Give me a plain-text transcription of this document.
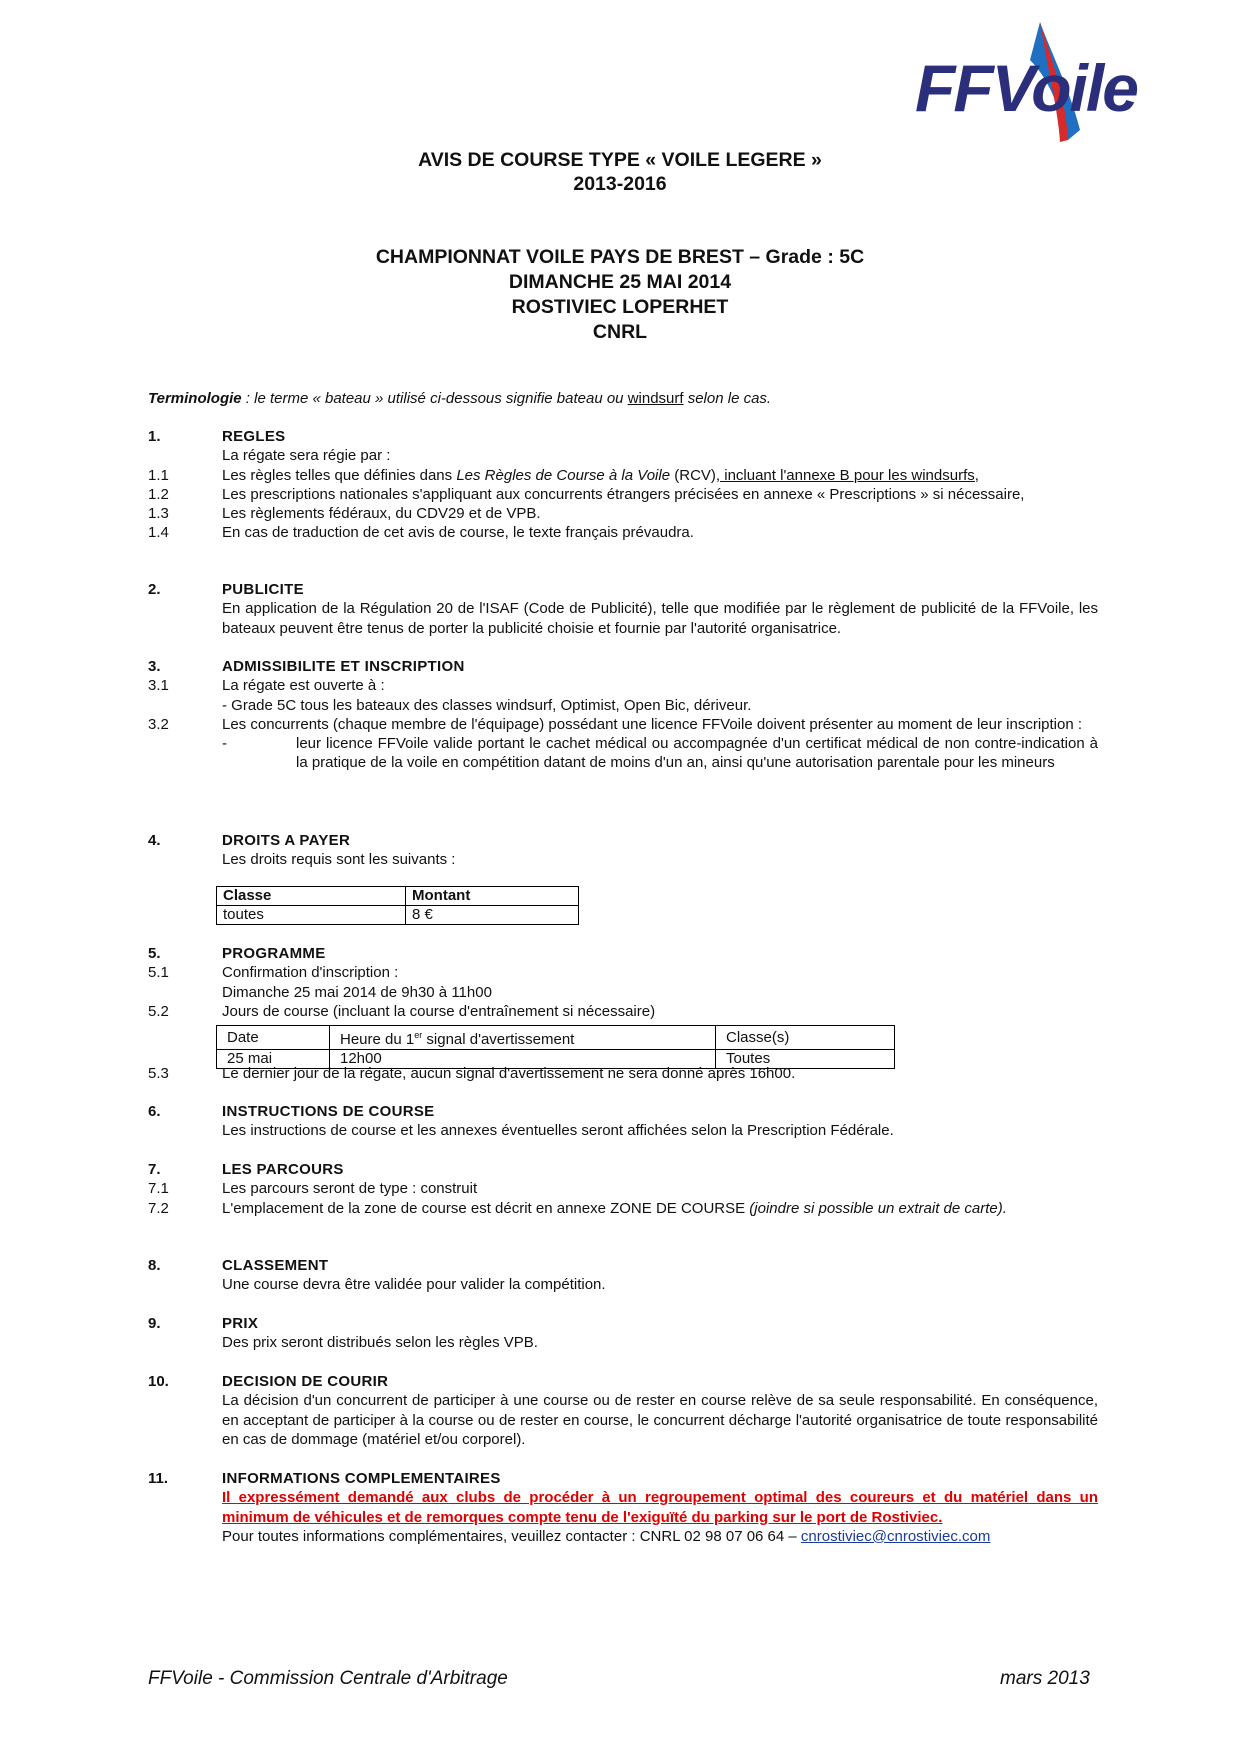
FFVoile
AVIS DE COURSE TYPE « VOILE LEGERE »
2013-2016
CHAMPIONNAT VOILE PAYS DE BREST – Grade : 5C
DIMANCHE 25 MAI 2014
ROSTIVIEC LOPERHET
CNRL
Terminologie : le terme « bateau » utilisé ci-dessous signifie bateau ou windsurf selon le cas.
1.	REGLES
La régate sera régie par :
1.1	Les règles telles que définies dans Les Règles de Course à la Voile (RCV), incluant l'annexe B pour les windsurfs,
1.2	Les prescriptions nationales s'appliquant aux concurrents étrangers précisées en annexe « Prescriptions » si nécessaire,
1.3	Les règlements fédéraux, du CDV29 et de VPB.
1.4	En cas de traduction de cet avis de course, le texte français prévaudra.
2.	PUBLICITE
En application de la Régulation 20 de l'ISAF (Code de Publicité), telle que modifiée par le règlement de publicité de la FFVoile, les bateaux peuvent être tenus de porter la publicité choisie et fournie par l'autorité organisatrice.
3.	ADMISSIBILITE ET INSCRIPTION
3.1	La régate est ouverte à :
- Grade 5C tous les bateaux des classes windsurf, Optimist, Open Bic, dériveur.
3.2	Les concurrents (chaque membre de l'équipage) possédant une licence FFVoile doivent présenter au moment de leur inscription :
-	leur licence FFVoile valide portant le cachet médical ou accompagnée d'un certificat médical de non contre-indication à la pratique de la voile en compétition datant de moins d'un an, ainsi qu'une autorisation parentale pour les mineurs
4.	DROITS A PAYER
Les droits requis sont les suivants :
Classe	Montant
toutes	8 €
5.	PROGRAMME
5.1	Confirmation d'inscription :
Dimanche 25 mai 2014 de 9h30 à 11h00
5.2	Jours de course (incluant la course d'entraînement si nécessaire)
Date	Heure du 1er signal d'avertissement	Classe(s)
25 mai	12h00	Toutes
5.3	Le dernier jour de la régate, aucun signal d'avertissement ne sera donné après 16h00.
6.	INSTRUCTIONS DE COURSE
Les instructions de course et les annexes éventuelles seront affichées selon la Prescription Fédérale.
7.	LES PARCOURS
7.1	Les parcours seront de type : construit
7.2	L'emplacement de la zone de course est décrit en annexe ZONE DE COURSE (joindre si possible un extrait de carte).
8.	CLASSEMENT
Une course devra être validée pour valider la compétition.
9.	PRIX
Des prix seront distribués selon les règles VPB.
10.	DECISION DE COURIR
La décision d'un concurrent de participer à une course ou de rester en course relève de sa seule responsabilité. En conséquence, en acceptant de participer à la course ou de rester en course, le concurrent décharge l'autorité organisatrice de toute responsabilité en cas de dommage (matériel et/ou corporel).
11.	INFORMATIONS COMPLEMENTAIRES
Il expressément demandé aux clubs de procéder à un regroupement optimal des coureurs et du matériel dans un minimum de véhicules et de remorques compte tenu de l'exiguïté du parking sur le port de Rostiviec.
Pour toutes informations complémentaires, veuillez contacter : CNRL 02 98 07 06 64 – cnrostiviec@cnrostiviec.com
FFVoile - Commission Centrale d'Arbitrage	mars 2013
